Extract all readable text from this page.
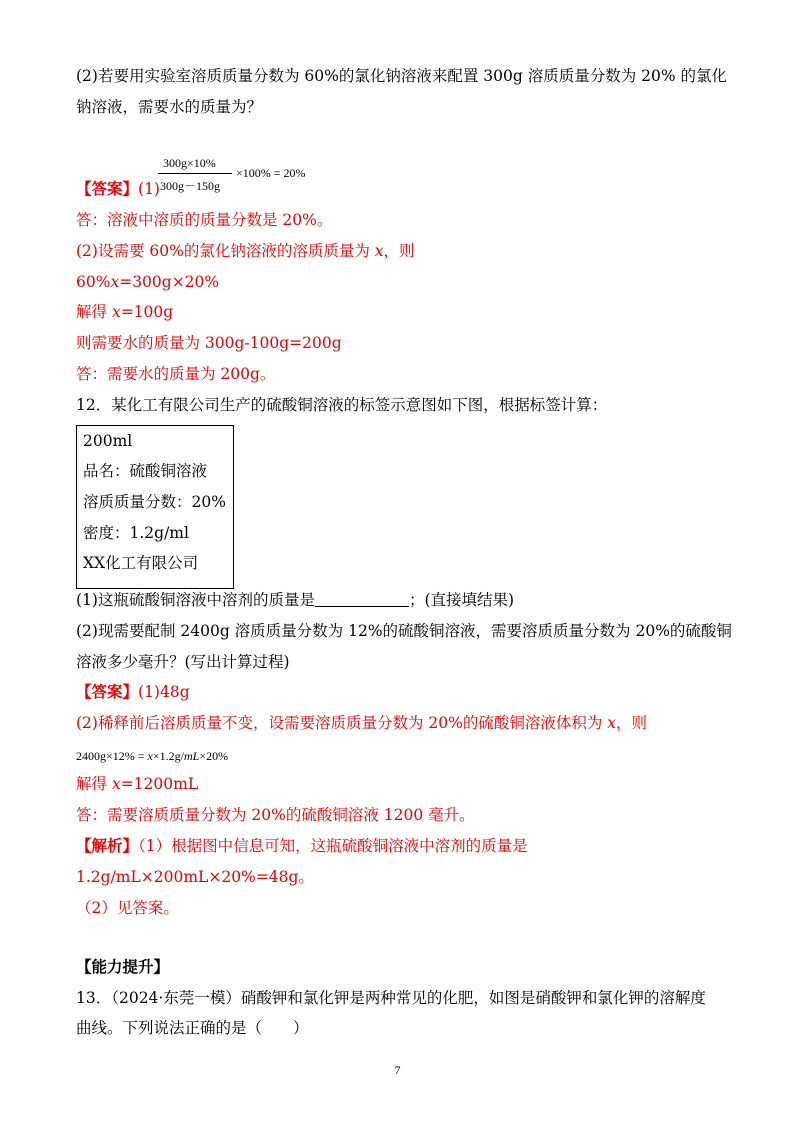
(2)若要用实验室溶质质量分数为 60%的氯化钠溶液来配置 300g 溶质质量分数为 20% 的氯化
钠溶液，需要水的质量为？
【答案】(1)
300g×10%
300g－150g
×100% = 20%
答：溶液中溶质的质量分数是 20%。
(2)设需要 60%的氯化钠溶液的溶质质量为 x，则
60%x=300g×20%
解得 x=100g
则需要水的质量为 300g-100g=200g
答：需要水的质量为 200g。
12．某化工有限公司生产的硫酸铜溶液的标签示意图如下图，根据标签计算：
200ml
品名：硫酸铜溶液
溶质质量分数：20%
密度：1.2g/ml
XX化工有限公司
(1)这瓶硫酸铜溶液中溶剂的质量是	；(直接填结果)
(2)现需要配制 2400g 溶质质量分数为 12%的硫酸铜溶液，需要溶质质量分数为 20%的硫酸铜
溶液多少毫升？(写出计算过程)
【答案】(1)48g
(2)稀释前后溶质质量不变，设需要溶质质量分数为 20%的硫酸铜溶液体积为 x，则
2400g×12% = x×1.2g/mL×20%
解得 x=1200mL
答：需要溶质质量分数为 20%的硫酸铜溶液 1200 毫升。
【解析】（1）根据图中信息可知，这瓶硫酸铜溶液中溶剂的质量是
1.2g/mL×200mL×20%=48g。
（2）见答案。
【能力提升】
13．（2024·东莞一模）硝酸钾和氯化钾是两种常见的化肥，如图是硝酸钾和氯化钾的溶解度
曲线。下列说法正确的是（　　）
7
